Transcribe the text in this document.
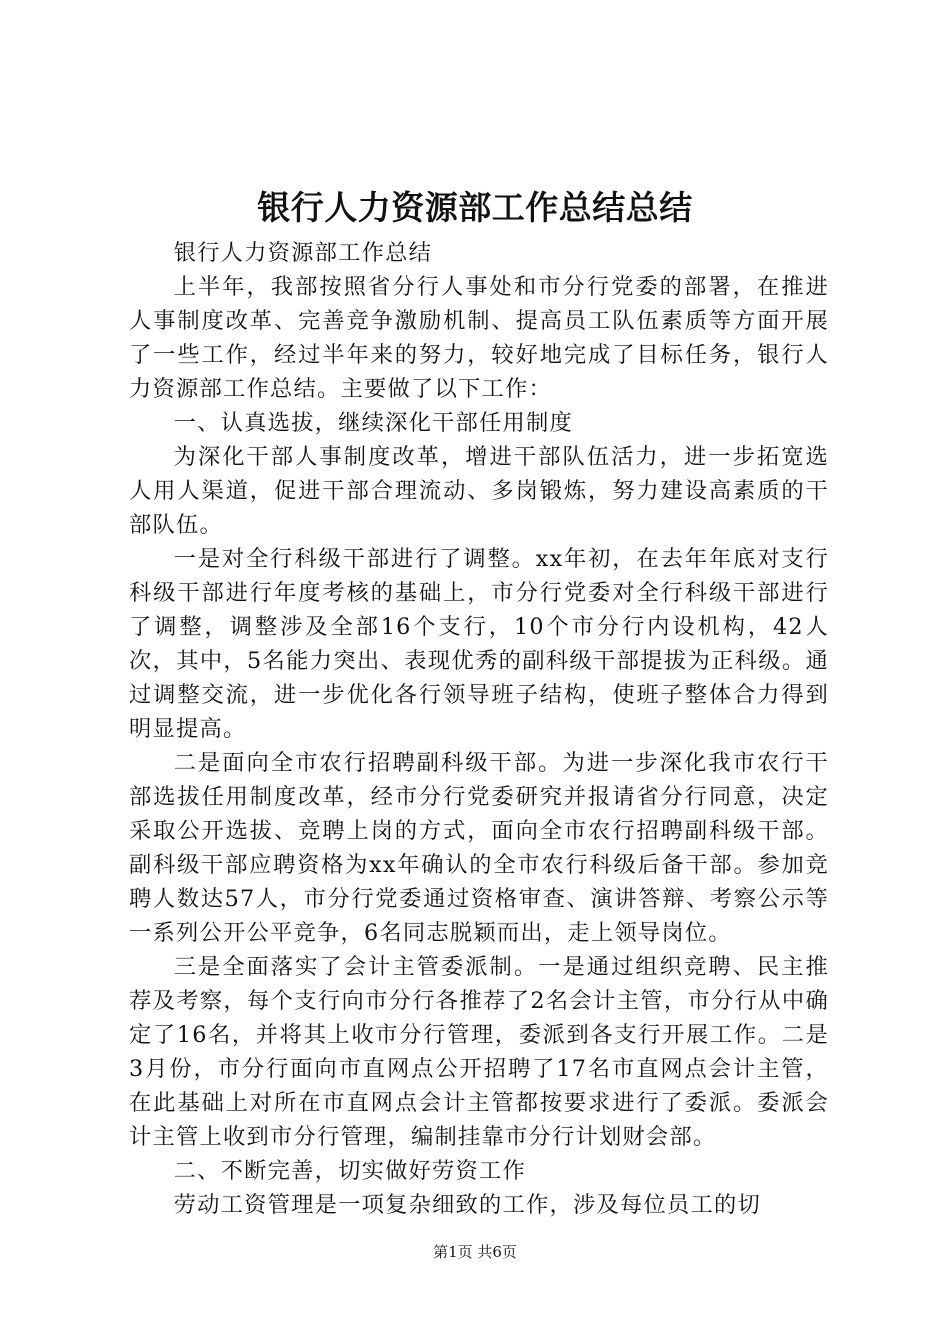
银行人力资源部工作总结总结

银行人力资源部工作总结

上半年，我部按照省分行人事处和市分行党委的部署，在推进人事制度改革、完善竞争激励机制、提高员工队伍素质等方面开展了一些工作，经过半年来的努力，较好地完成了目标任务，银行人力资源部工作总结。主要做了以下工作：

一、认真选拔，继续深化干部任用制度

为深化干部人事制度改革，增进干部队伍活力，进一步拓宽选人用人渠道，促进干部合理流动、多岗锻炼，努力建设高素质的干部队伍。

一是对全行科级干部进行了调整。xx年初，在去年年底对支行科级干部进行年度考核的基础上，市分行党委对全行科级干部进行了调整，调整涉及全部16个支行，10个市分行内设机构，42人次，其中，5名能力突出、表现优秀的副科级干部提拔为正科级。通过调整交流，进一步优化各行领导班子结构，使班子整体合力得到明显提高。

二是面向全市农行招聘副科级干部。为进一步深化我市农行干部选拔任用制度改革，经市分行党委研究并报请省分行同意，决定采取公开选拔、竞聘上岗的方式，面向全市农行招聘副科级干部。副科级干部应聘资格为xx年确认的全市农行科级后备干部。参加竞聘人数达57人，市分行党委通过资格审查、演讲答辩、考察公示等一系列公开公平竞争，6名同志脱颖而出，走上领导岗位。

三是全面落实了会计主管委派制。一是通过组织竞聘、民主推荐及考察，每个支行向市分行各推荐了2名会计主管，市分行从中确定了16名，并将其上收市分行管理，委派到各支行开展工作。二是3月份，市分行面向市直网点公开招聘了17名市直网点会计主管，在此基础上对所在市直网点会计主管都按要求进行了委派。委派会计主管上收到市分行管理，编制挂靠市分行计划财会部。

二、不断完善，切实做好劳资工作

劳动工资管理是一项复杂细致的工作，涉及每位员工的切

第1页 共6页
